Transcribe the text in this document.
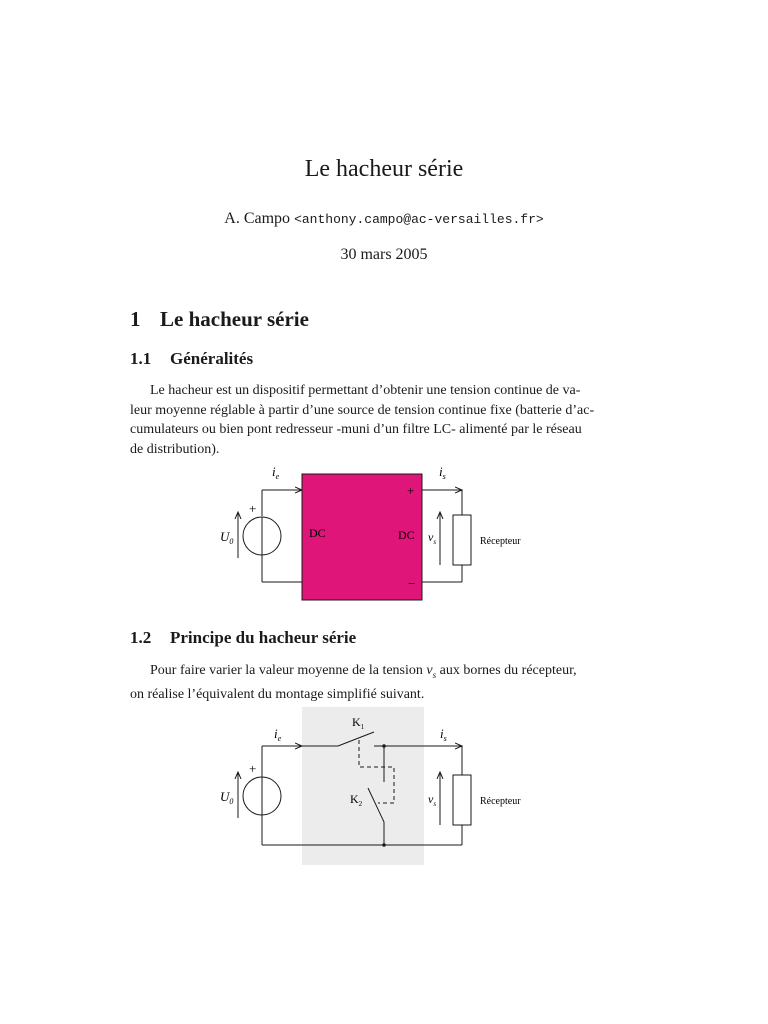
Le hacheur série
A. Campo <anthony.campo@ac-versailles.fr>
30 mars 2005
1 Le hacheur série
1.1 Généralités
Le hacheur est un dispositif permettant d’obtenir une tension continue de va-
leur moyenne réglable à partir d’une source de tension continue fixe (batterie d’ac-
cumulateurs ou bien pont redresseur -muni d’un filtre LC- alimenté par le réseau
de distribution).
$i_e$	$i_s$
+
$U_0$
DC	DC
+
−
$v_s$	Récepteur
1.2 Principe du hacheur série
Pour faire varier la valeur moyenne de la tension $v_s$ aux bornes du récepteur,
on réalise l’équivalent du montage simplifié suivant.
$i_e$	$i_s$
$K_1$
$K_2$
+
$U_0$	$v_s$	Récepteur
